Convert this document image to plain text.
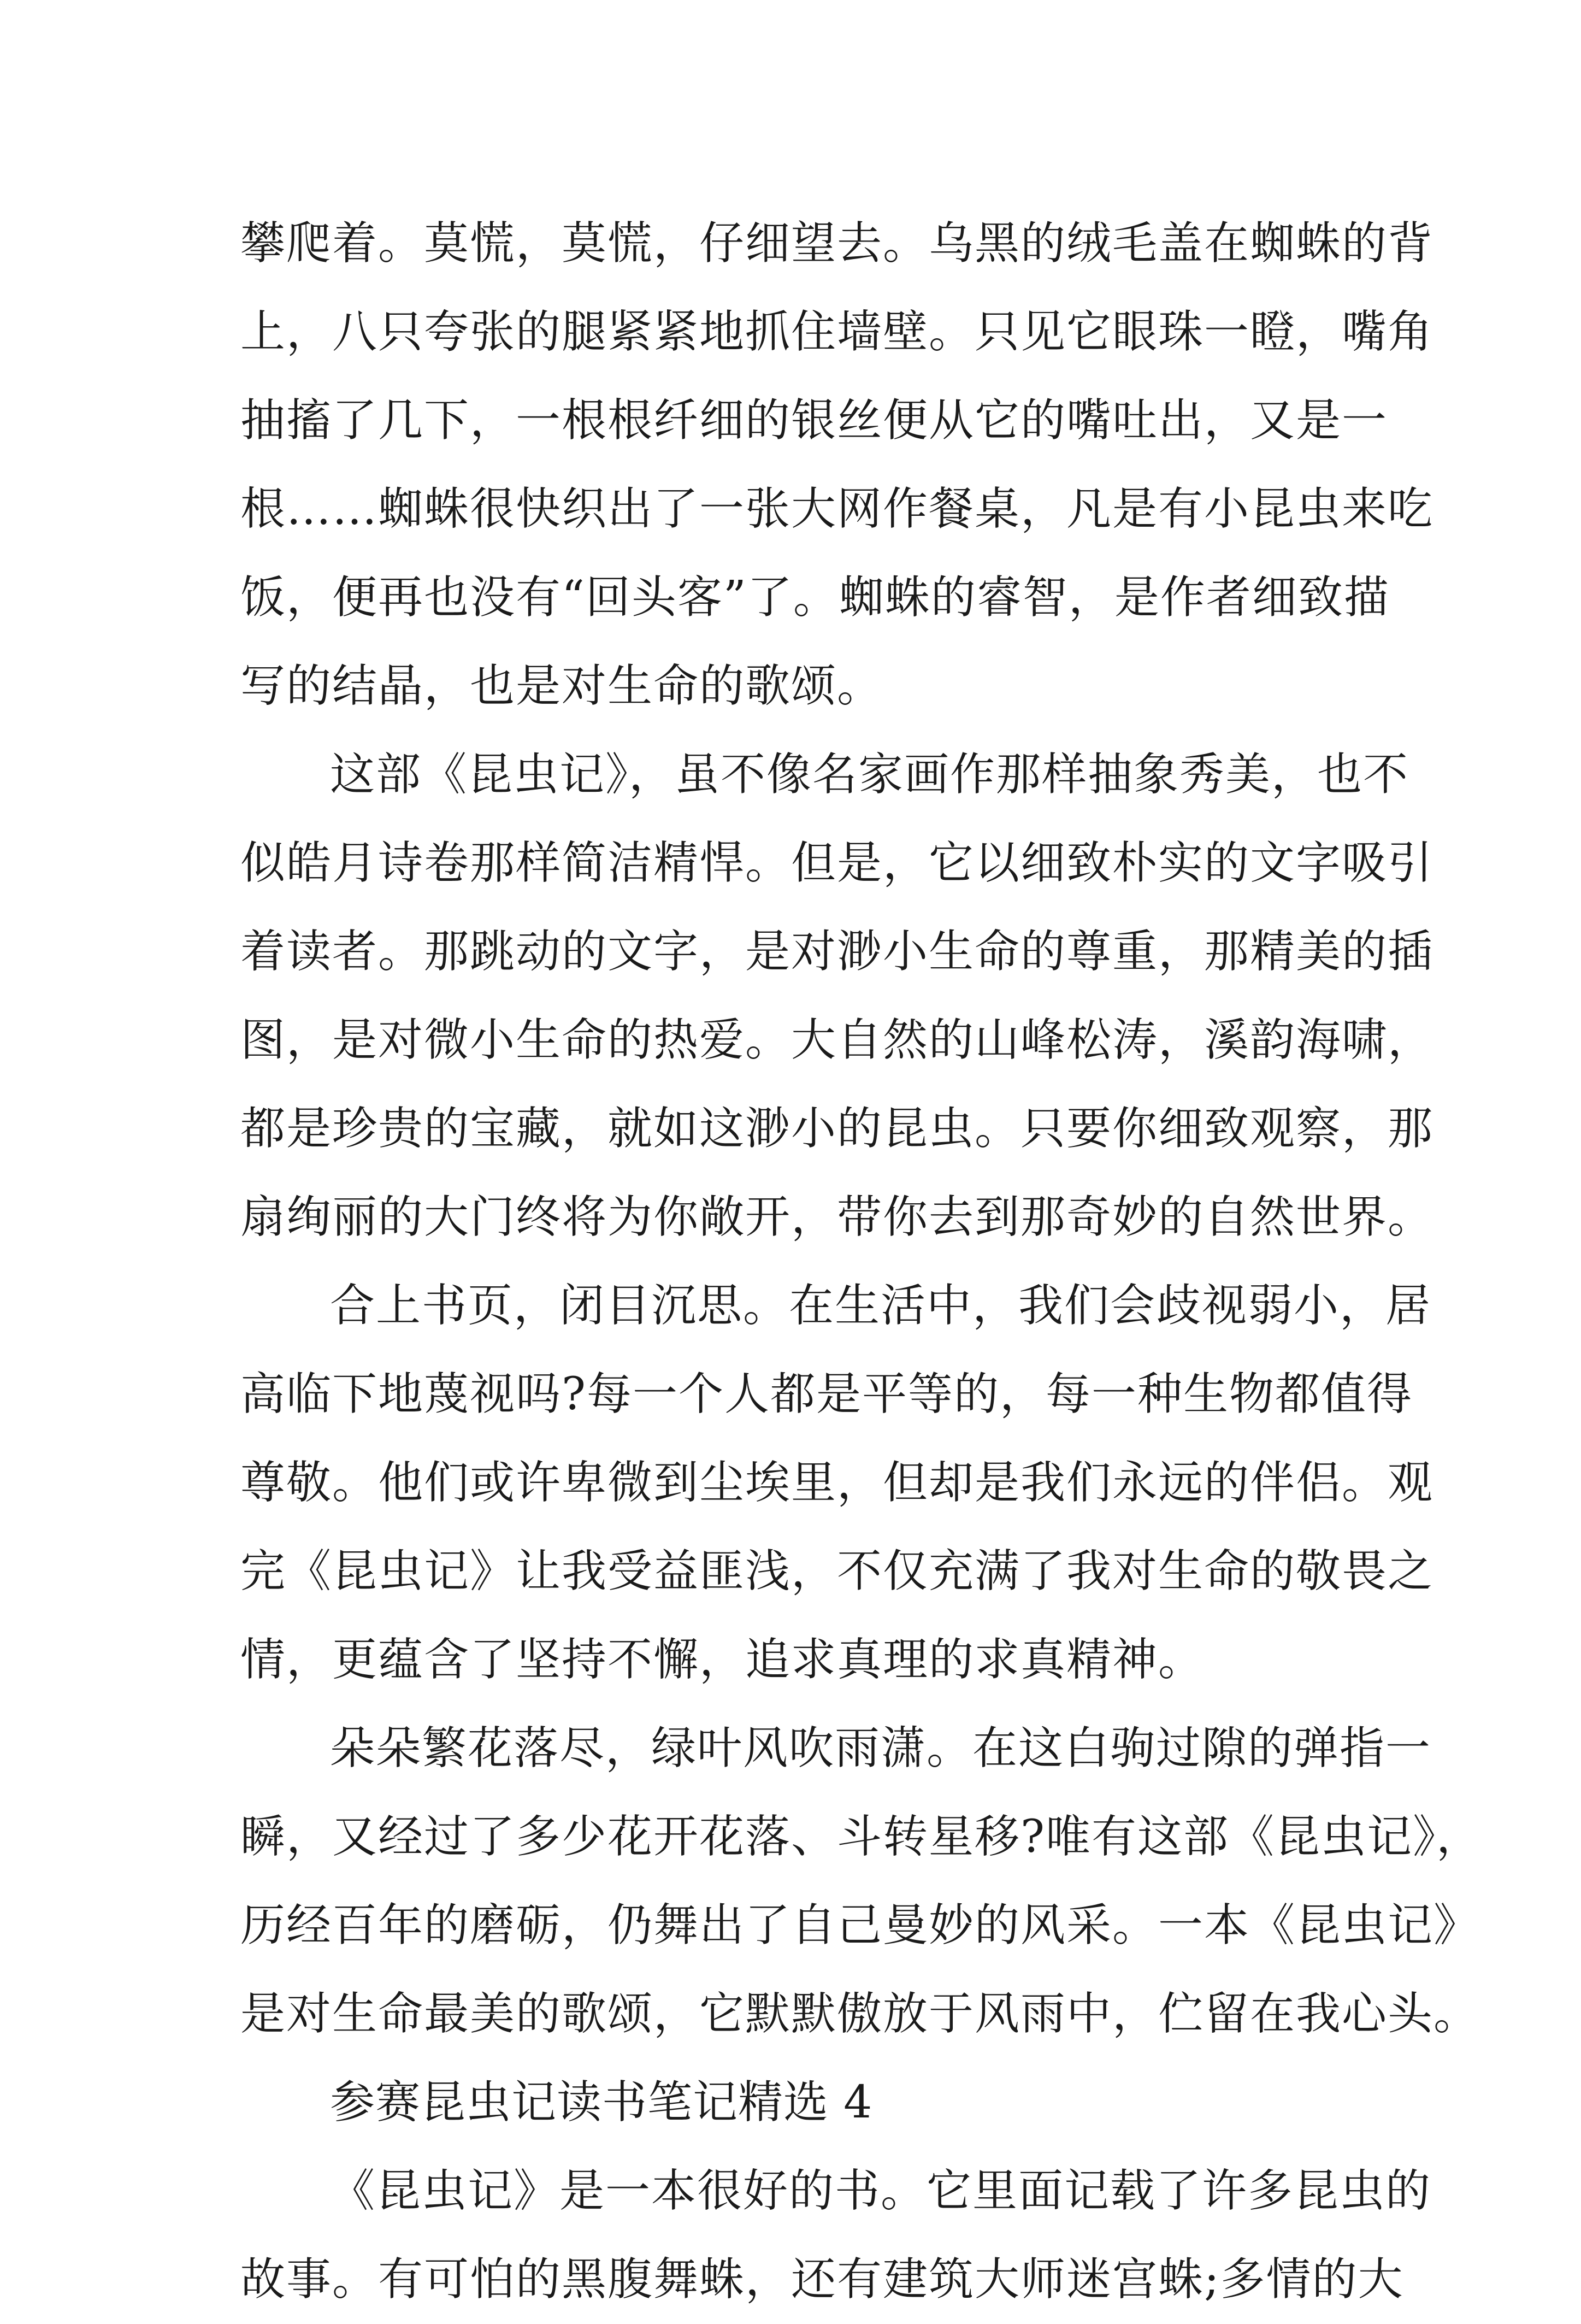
攀爬着。莫慌，莫慌，仔细望去。乌黑的绒毛盖在蜘蛛的背
上，八只夸张的腿紧紧地抓住墙壁。只见它眼珠一瞪，嘴角
抽搐了几下，一根根纤细的银丝便从它的嘴吐出，又是一
根……蜘蛛很快织出了一张大网作餐桌，凡是有小昆虫来吃
饭，便再也没有“回头客”了。蜘蛛的睿智，是作者细致描
写的结晶，也是对生命的歌颂。
这部《昆虫记》，虽不像名家画作那样抽象秀美，也不
似皓月诗卷那样简洁精悍。但是，它以细致朴实的文字吸引
着读者。那跳动的文字，是对渺小生命的尊重，那精美的插
图，是对微小生命的热爱。大自然的山峰松涛，溪韵海啸，
都是珍贵的宝藏，就如这渺小的昆虫。只要你细致观察，那
扇绚丽的大门终将为你敞开，带你去到那奇妙的自然世界。
合上书页，闭目沉思。在生活中，我们会歧视弱小，居
高临下地蔑视吗?每一个人都是平等的，每一种生物都值得
尊敬。他们或许卑微到尘埃里，但却是我们永远的伴侣。观
完《昆虫记》让我受益匪浅，不仅充满了我对生命的敬畏之
情，更蕴含了坚持不懈，追求真理的求真精神。
朵朵繁花落尽，绿叶风吹雨潇。在这白驹过隙的弹指一
瞬，又经过了多少花开花落、斗转星移?唯有这部《昆虫记》，
历经百年的磨砺，仍舞出了自己曼妙的风采。一本《昆虫记》
是对生命最美的歌颂，它默默傲放于风雨中，伫留在我心头。
参赛昆虫记读书笔记精选 4
《昆虫记》是一本很好的书。它里面记载了许多昆虫的
故事。有可怕的黑腹舞蛛，还有建筑大师迷宫蛛;多情的大
